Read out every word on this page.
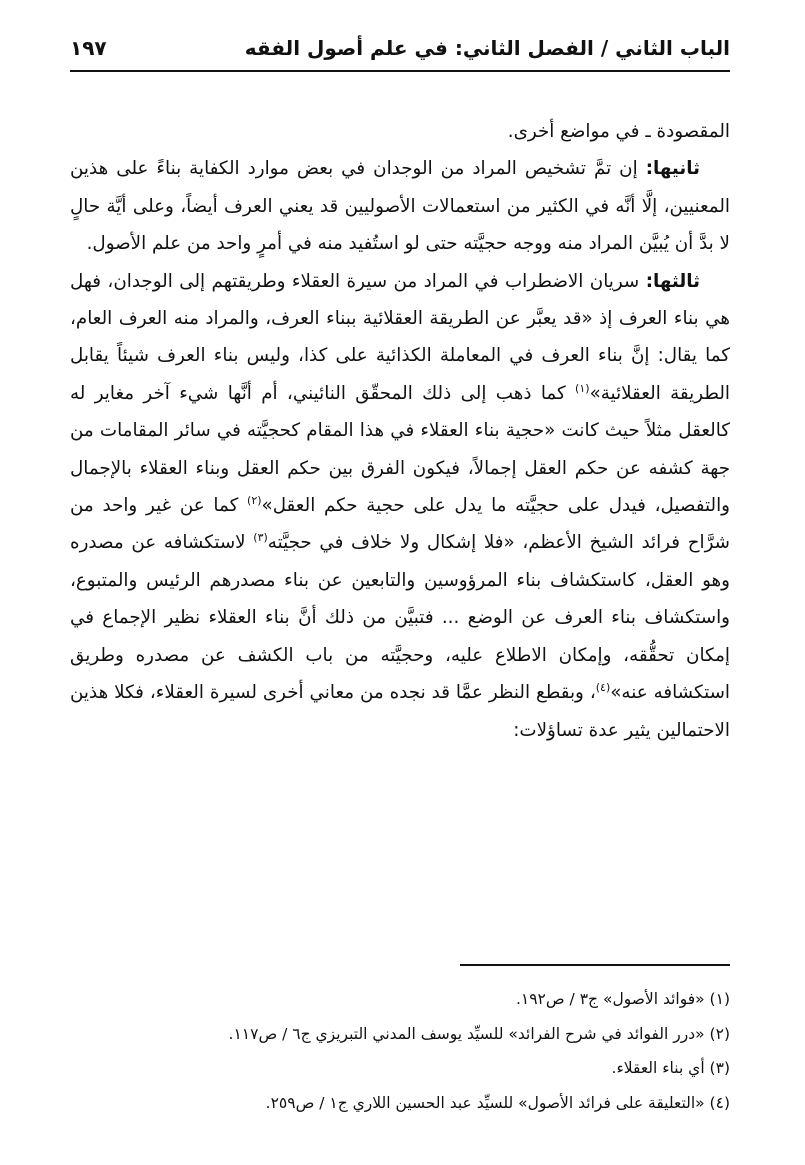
الباب الثاني / الفصل الثاني: في علم أصول الفقه
١٩٧

المقصودة ـ في مواضع أخرى.

ثانيها: إن تمَّ تشخيص المراد من الوجدان في بعض موارد الكفاية بناءً على هذين المعنيين، إلَّا أنَّه في الكثير من استعمالات الأصوليين قد يعني العرف أيضاً، وعلى أيَّة حالٍ لا بدَّ أن يُبيَّن المراد منه ووجه حجيَّته حتى لو استُفيد منه في أمرٍ واحد من علم الأصول.

ثالثها: سريان الاضطراب في المراد من سيرة العقلاء وطريقتهم إلى الوجدان، فهل هي بناء العرف إذ «قد يعبَّر عن الطريقة العقلائية ببناء العرف، والمراد منه العرف العام، كما يقال: إنَّ بناء العرف في المعاملة الكذائية على كذا، وليس بناء العرف شيئاً يقابل الطريقة العقلائية»$^{(١)}$ كما ذهب إلى ذلك المحقّق النائيني، أم أنَّها شيء آخر مغاير له كالعقل مثلاً حيث كانت «حجية بناء العقلاء في هذا المقام كحجيَّته في سائر المقامات من جهة كشفه عن حكم العقل إجمالاً، فيكون الفرق بين حكم العقل وبناء العقلاء بالإجمال والتفصيل، فيدل على حجيَّته ما يدل على حجية حكم العقل»$^{(٢)}$ كما عن غير واحد من شرَّاح فرائد الشيخ الأعظم، «فلا إشكال ولا خلاف في حجيَّته$^{(٣)}$ لاستكشافه عن مصدره وهو العقل، كاستكشاف بناء المرؤوسين والتابعين عن بناء مصدرهم الرئيس والمتبوع، واستكشاف بناء العرف عن الوضع ... فتبيَّن من ذلك أنَّ بناء العقلاء نظير الإجماع في إمكان تحقُّقه، وإمكان الاطلاع عليه، وحجيَّته من باب الكشف عن مصدره وطريق استكشافه عنه»$^{(٤)}$، وبقطع النظر عمَّا قد نجده من معاني أخرى لسيرة العقلاء، فكلا هذين الاحتمالين يثير عدة تساؤلات:

(١) «فوائد الأصول» ج٣ / ص١٩٢.
(٢) «درر الفوائد في شرح الفرائد» للسيِّد يوسف المدني التبريزي ج٦ / ص١١٧.
(٣) أي بناء العقلاء.
(٤) «التعليقة على فرائد الأصول» للسيِّد عبد الحسين اللاري ج١ / ص٢٥٩.
